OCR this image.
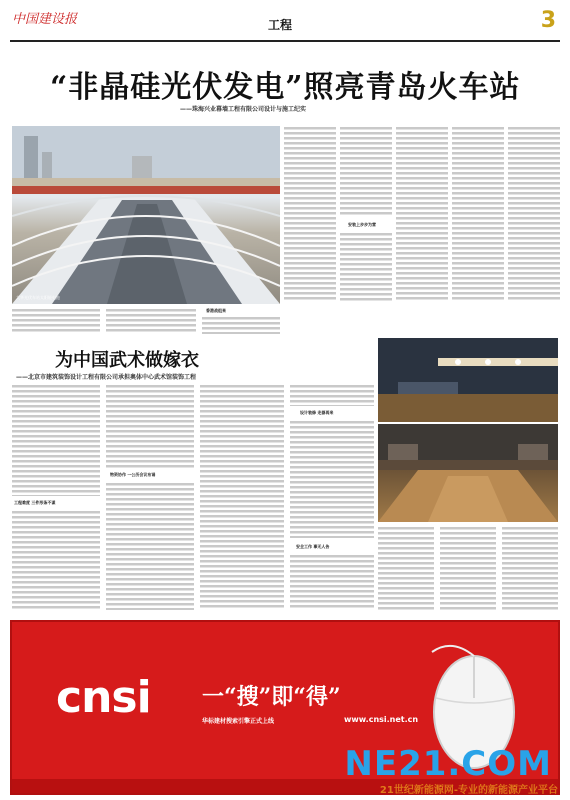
中国建设报	工程	3
“非晶硅光伏发电”照亮青岛火车站
——珠海兴业幕墙工程有限公司设计与施工纪实
大华光伏车站太阳能电池
安装上步步为营
香港战组来
为中国武术做嫁衣
——北京市建筑装饰设计工程有限公司承担奥体中心武术馆装饰工程
工程难度 三件形条不谋
物资协作 一公历会议布诵
设计装修 走器再来
安全工作 事无人告
cnsi 一“搜”即“得”
华标建材搜索引擎正式上线	www.cnsi.net.cn
NE21.COM
21世纪新能源网-专业的新能源产业平台
